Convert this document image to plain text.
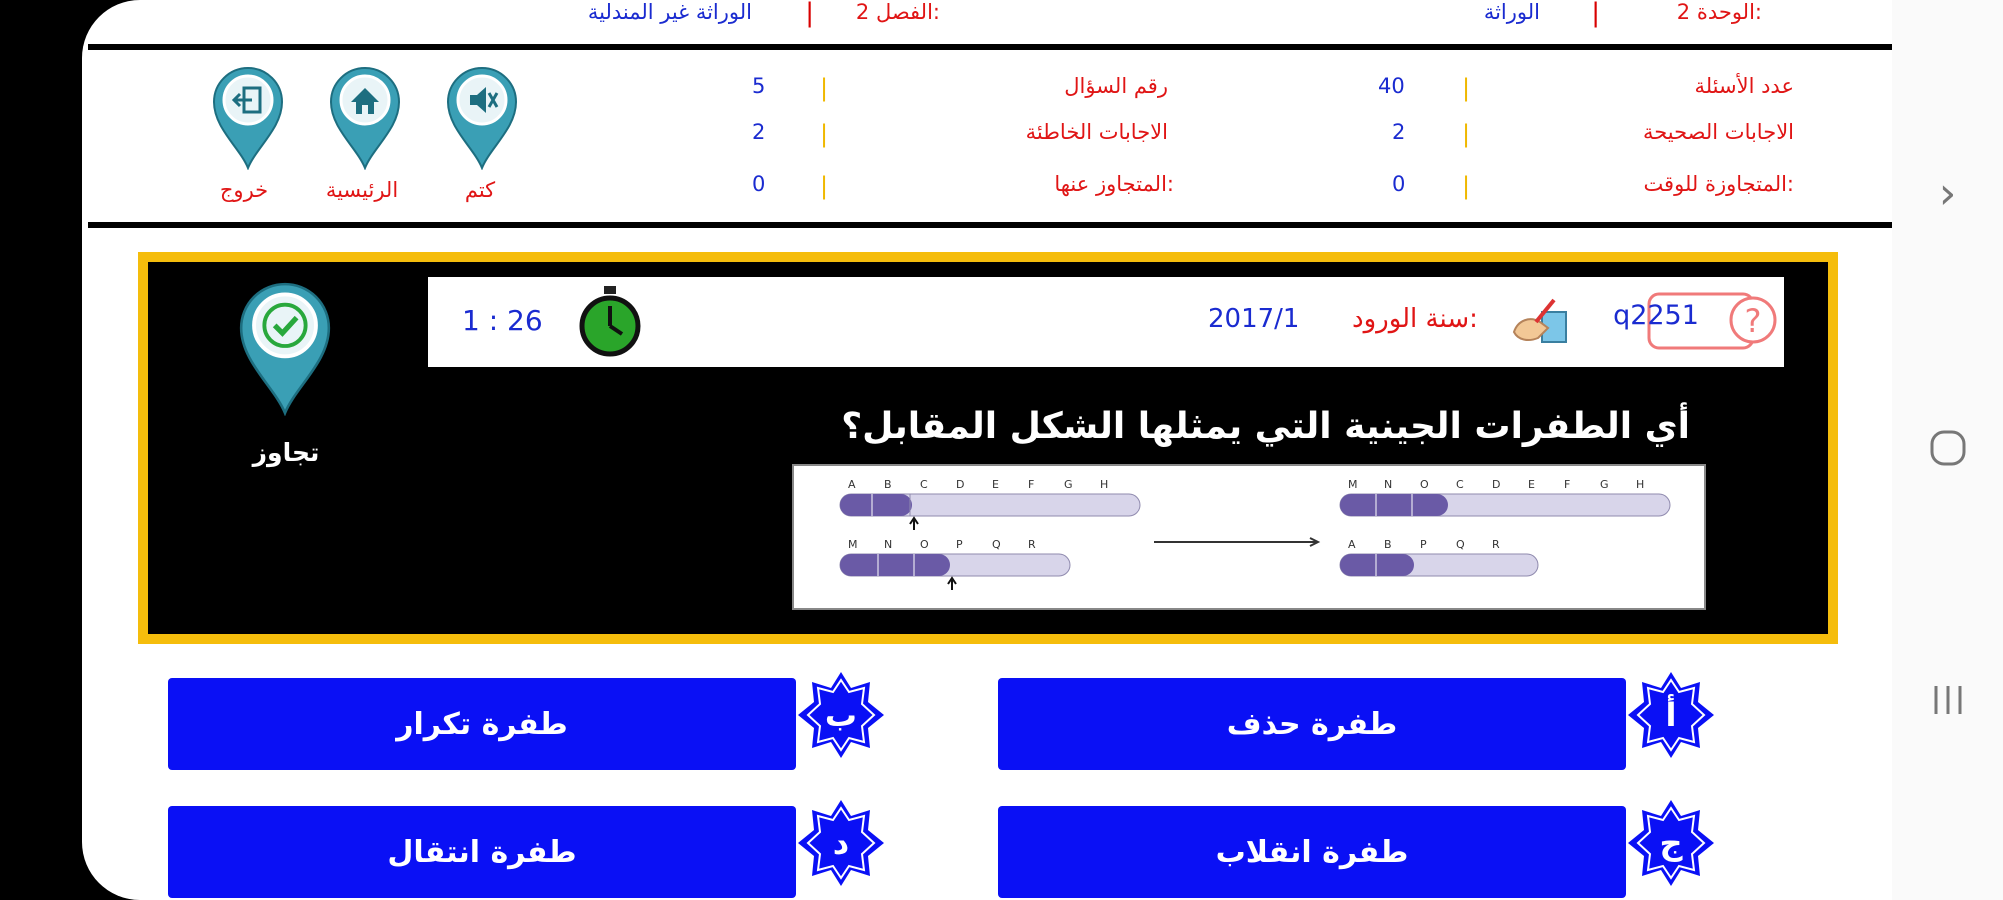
الوحدة 2:
|
الوراثة
الفصل 2:
|
الوراثة غير المندلية
عدد الأسئلة
|
40
رقم السؤال
|
5
الاجابات الصحيحة
|
2
الاجابات الخاطئة
|
2
المتجاوزة للوقت:
|
0
المتجاوز عنها:
|
0
كتم
الرئيسية
خروج
تجاوز
?
q2251
سنة الورود:
2017/1
1 : 26
أي الطفرات الجينية التي يمثلها الشكل المقابل؟
A	B	C	D	E	F	G H
M N	O P	Q R
M N	O C	D	E	F	G H
A	B	P	Q R
أ
طفرة حذف
ب
طفرة تكرار
ج
طفرة انقلاب
د
طفرة انتقال
›
